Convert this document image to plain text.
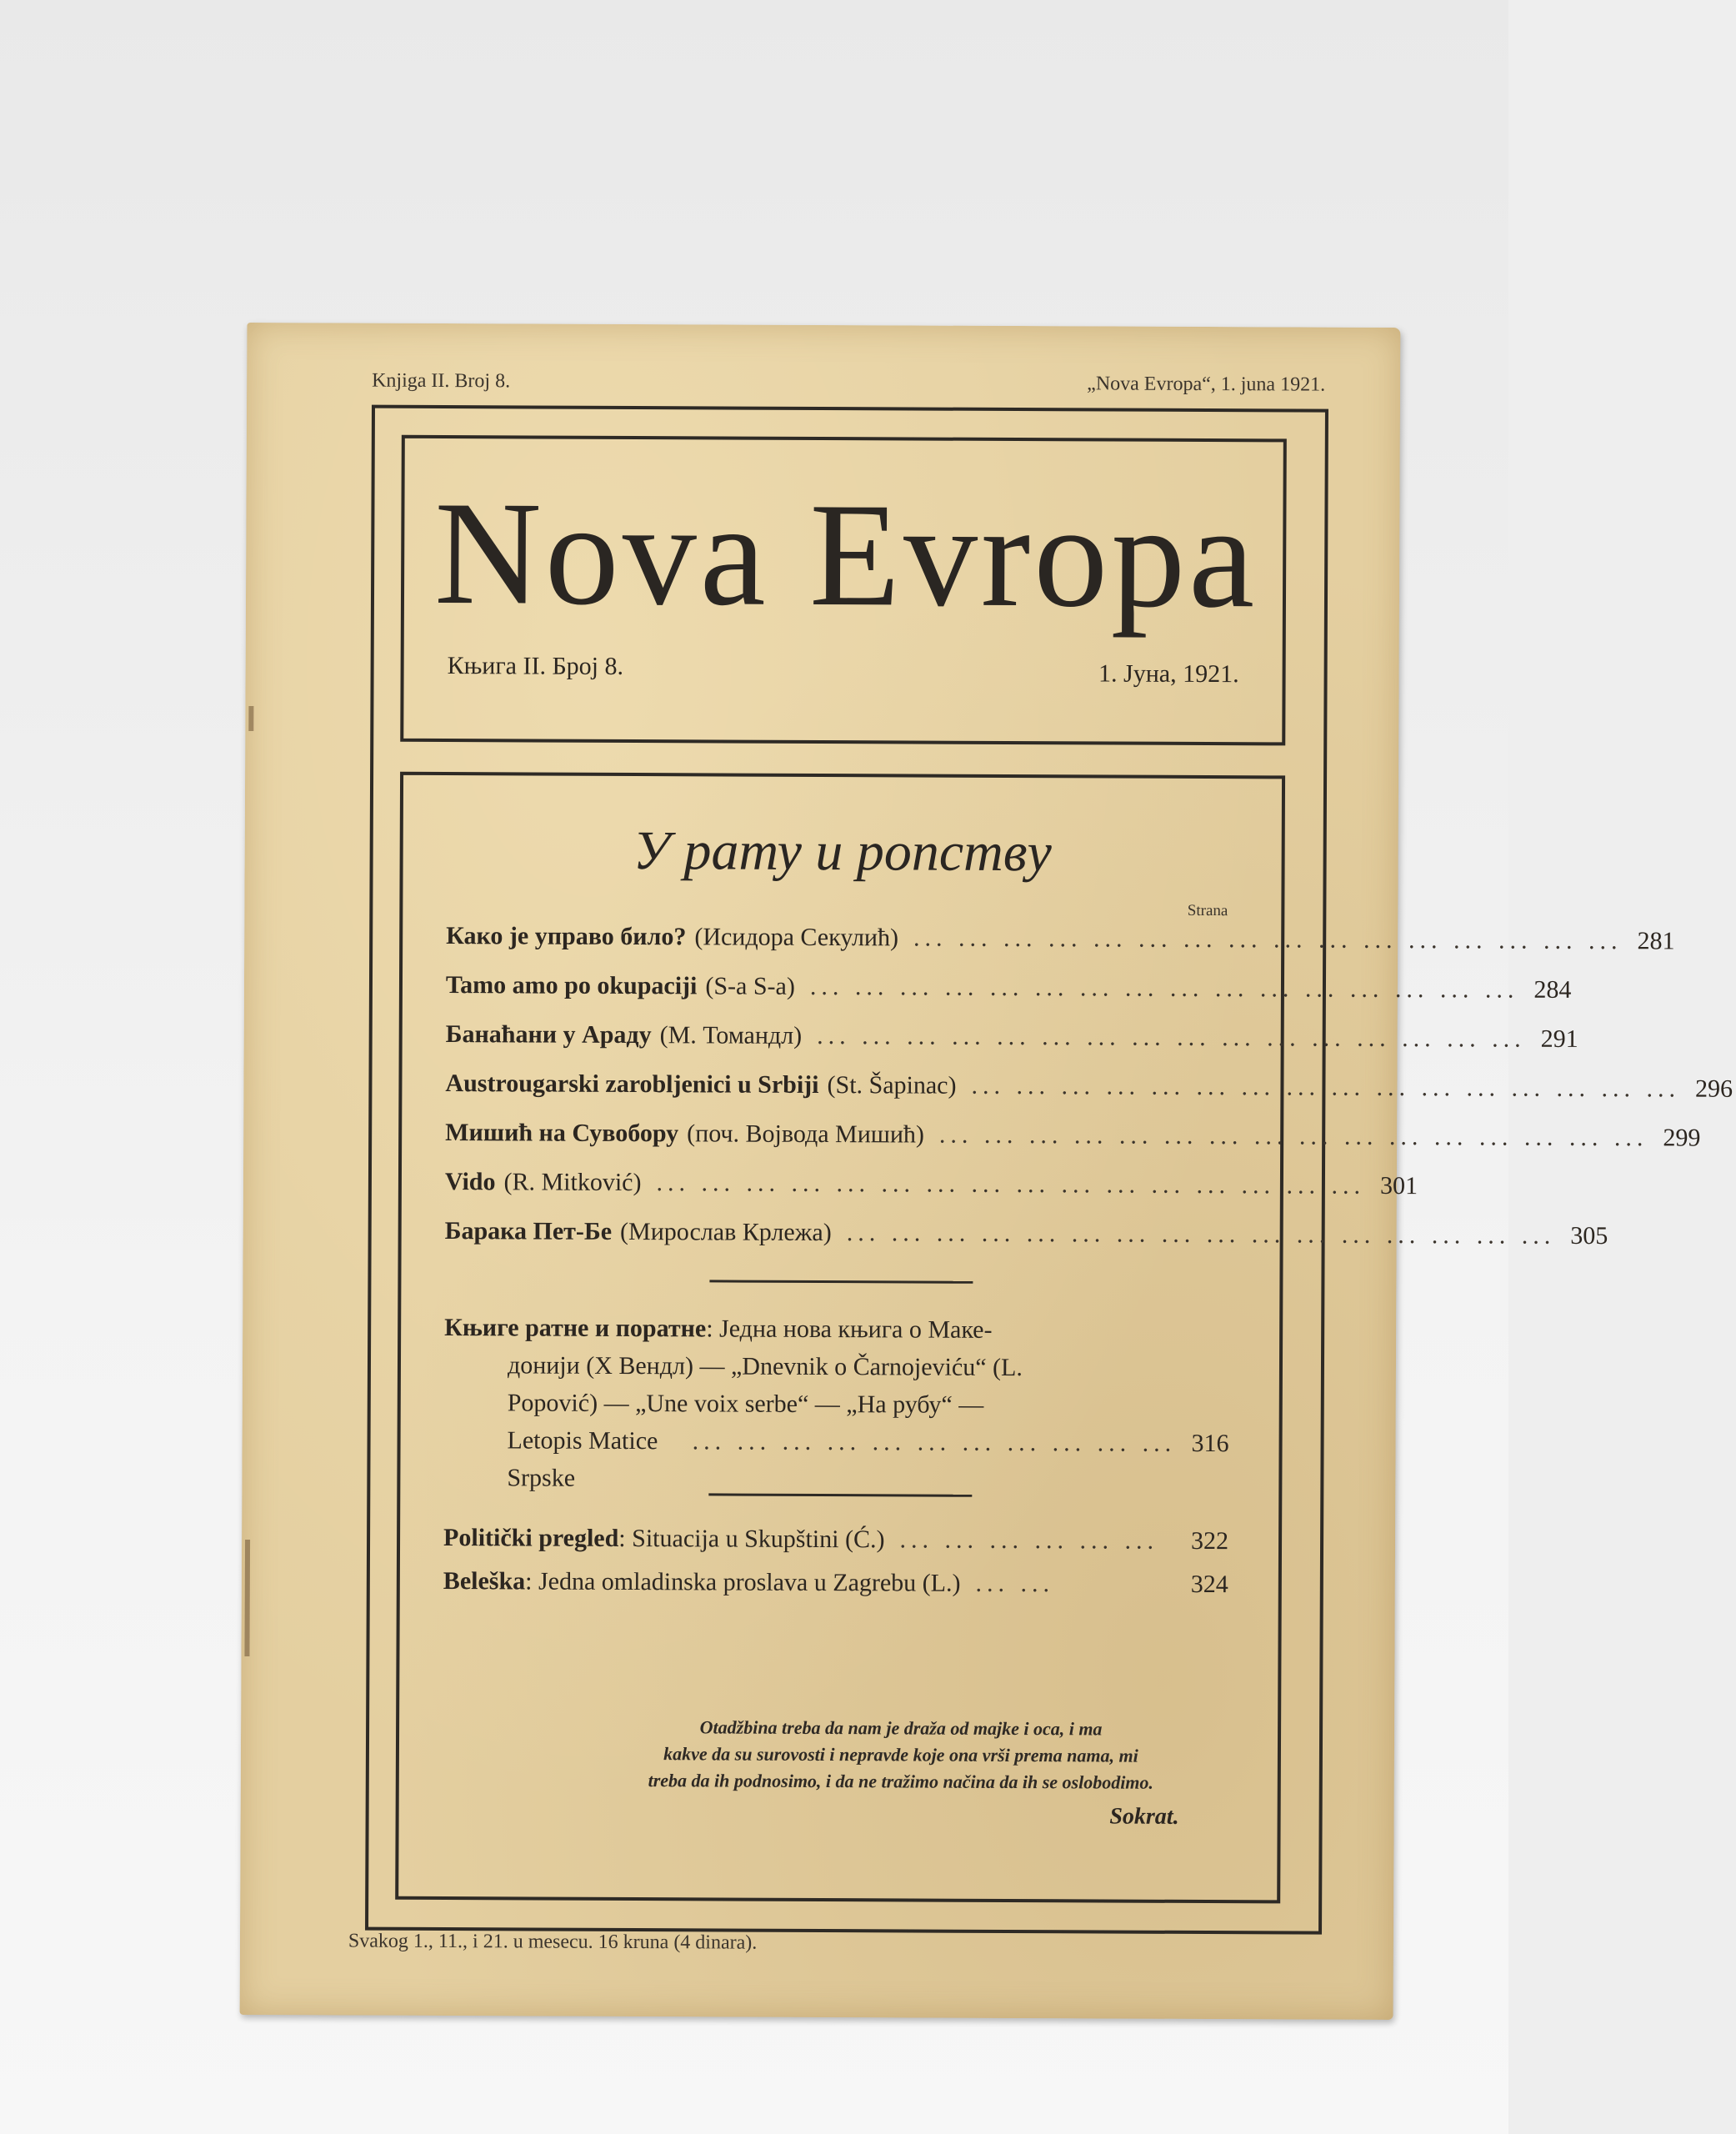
Knjiga II. Broj 8.	„Nova Evropa“, 1. juna 1921.
Nova Evropa
Књига II. Број 8.	1. Јуна, 1921.
У рату и ропству
Strana
Како је управо било? (Исидора Секулић) ... ... ... ... ... ... ... ... ... ... ... ... ... ... ... ... 281
Tamo amo po okupaciji (S-a S-a) ... ... ... ... ... ... ... ... ... ... ... ... ... ... ... ... 284
Банаћани у Араду (М. Томандл) ... ... ... ... ... ... ... ... ... ... ... ... ... ... ... ... 291
Austrougarski zarobljenici u Srbiji (St. Šapinac) ... ... ... ... ... ... ... ... ... ... ... ... ... ... ... ... 296
Мишић на Сувобору (поч. Војвода Мишић) ... ... ... ... ... ... ... ... ... ... ... ... ... ... ... ... 299
Vido (R. Mitković) ... ... ... ... ... ... ... ... ... ... ... ... ... ... ... ... 301
Барака Пет-Бе (Мирослав Крлежа) ... ... ... ... ... ... ... ... ... ... ... ... ... ... ... ... 305
Књиге ратне и поратне : Једна нова књига о Маке-
донији (Х Вендл) — „Dnevnik o Čarnojeviću“ (L.
Popović) — „Une voix serbe“ — „На рубу“ —
Letopis Matice Srpske
... ... ... ... ... ... ... ... ... ... ... 316
Politički pregled : Situacija u Skupštini (Ć.) ... ... ... ... ... ...	322
Beleška : Jedna omladinska proslava u Zagrebu (L.) ... ...	324
Otadžbina treba da nam je draža od majke i oca, i ma
kakve da su surovosti i nepravde koje ona vrši prema nama, mi
treba da ih podnosimo, i da ne tražimo načina da ih se oslobodimo.
Sokrat.
Svakog 1., 11., i 21. u mesecu. 16 kruna (4 dinara).
